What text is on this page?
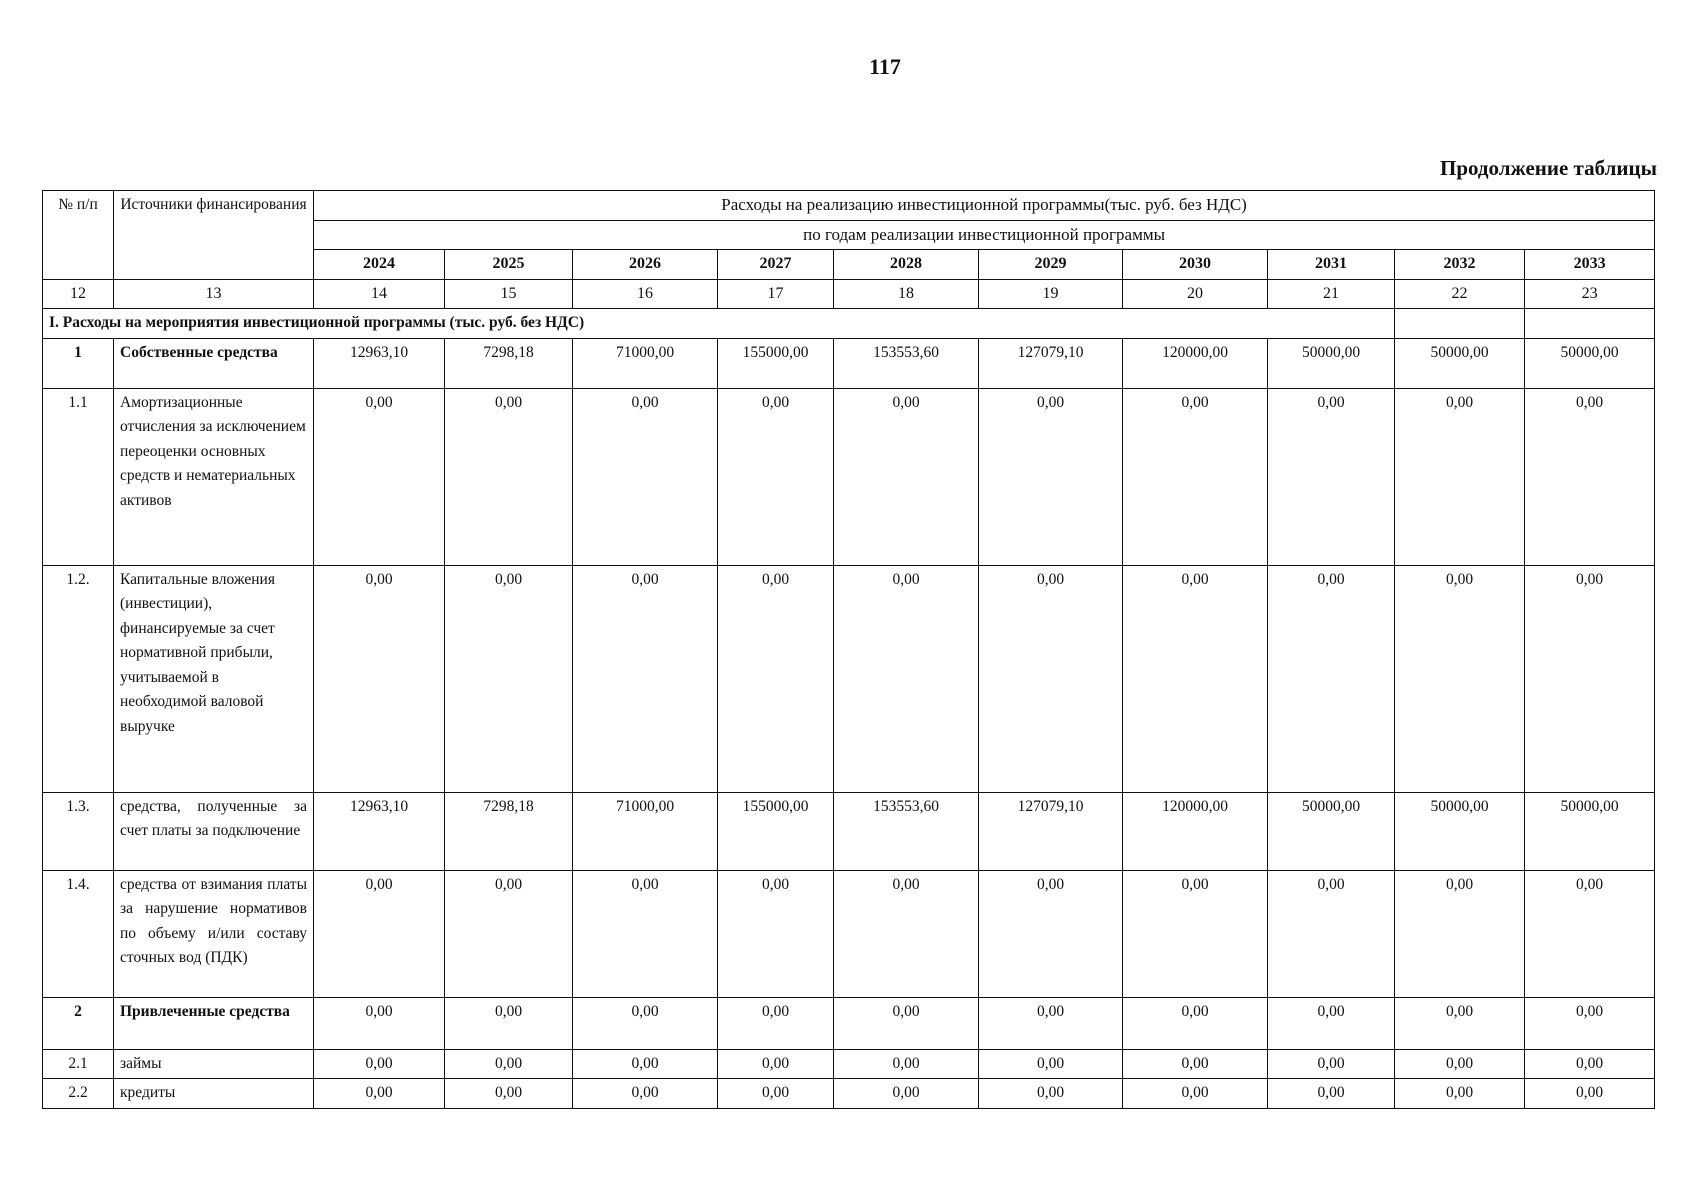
117
Продолжение таблицы
№ п/п	Источники финансирования	Расходы на реализацию инвестиционной программы(тыс. руб. без НДС)									
		по годам реализации инвестиционной программы									
		2024	2025	2026	2027	2028	2029	2030	2031	2032	2033
12	13	14	15	16	17	18	19	20	21	22	23
I. Расходы на мероприятия инвестиционной программы (тыс. руб. без НДС)											
1	Собственные средства	12963,10	7298,18	71000,00	155000,00	153553,60	127079,10	120000,00	50000,00	50000,00	50000,00
1.1	Амортизационные отчисления за исключением переоценки основных средств и нематериальных активов	0,00	0,00	0,00	0,00	0,00	0,00	0,00	0,00	0,00	0,00
1.2.	Капитальные вложения (инвестиции), финансируемые за счет нормативной прибыли, учитываемой в необходимой валовой выручке	0,00	0,00	0,00	0,00	0,00	0,00	0,00	0,00	0,00	0,00
1.3.	средства, полученные за счет платы за подключение	12963,10	7298,18	71000,00	155000,00	153553,60	127079,10	120000,00	50000,00	50000,00	50000,00
1.4.	средства от взимания платы за нарушение нормативов по объему и/или составу сточных вод (ПДК)	0,00	0,00	0,00	0,00	0,00	0,00	0,00	0,00	0,00	0,00
2	Привлеченные средства	0,00	0,00	0,00	0,00	0,00	0,00	0,00	0,00	0,00	0,00
2.1	займы	0,00	0,00	0,00	0,00	0,00	0,00	0,00	0,00	0,00	0,00
2.2	кредиты	0,00	0,00	0,00	0,00	0,00	0,00	0,00	0,00	0,00	0,00
